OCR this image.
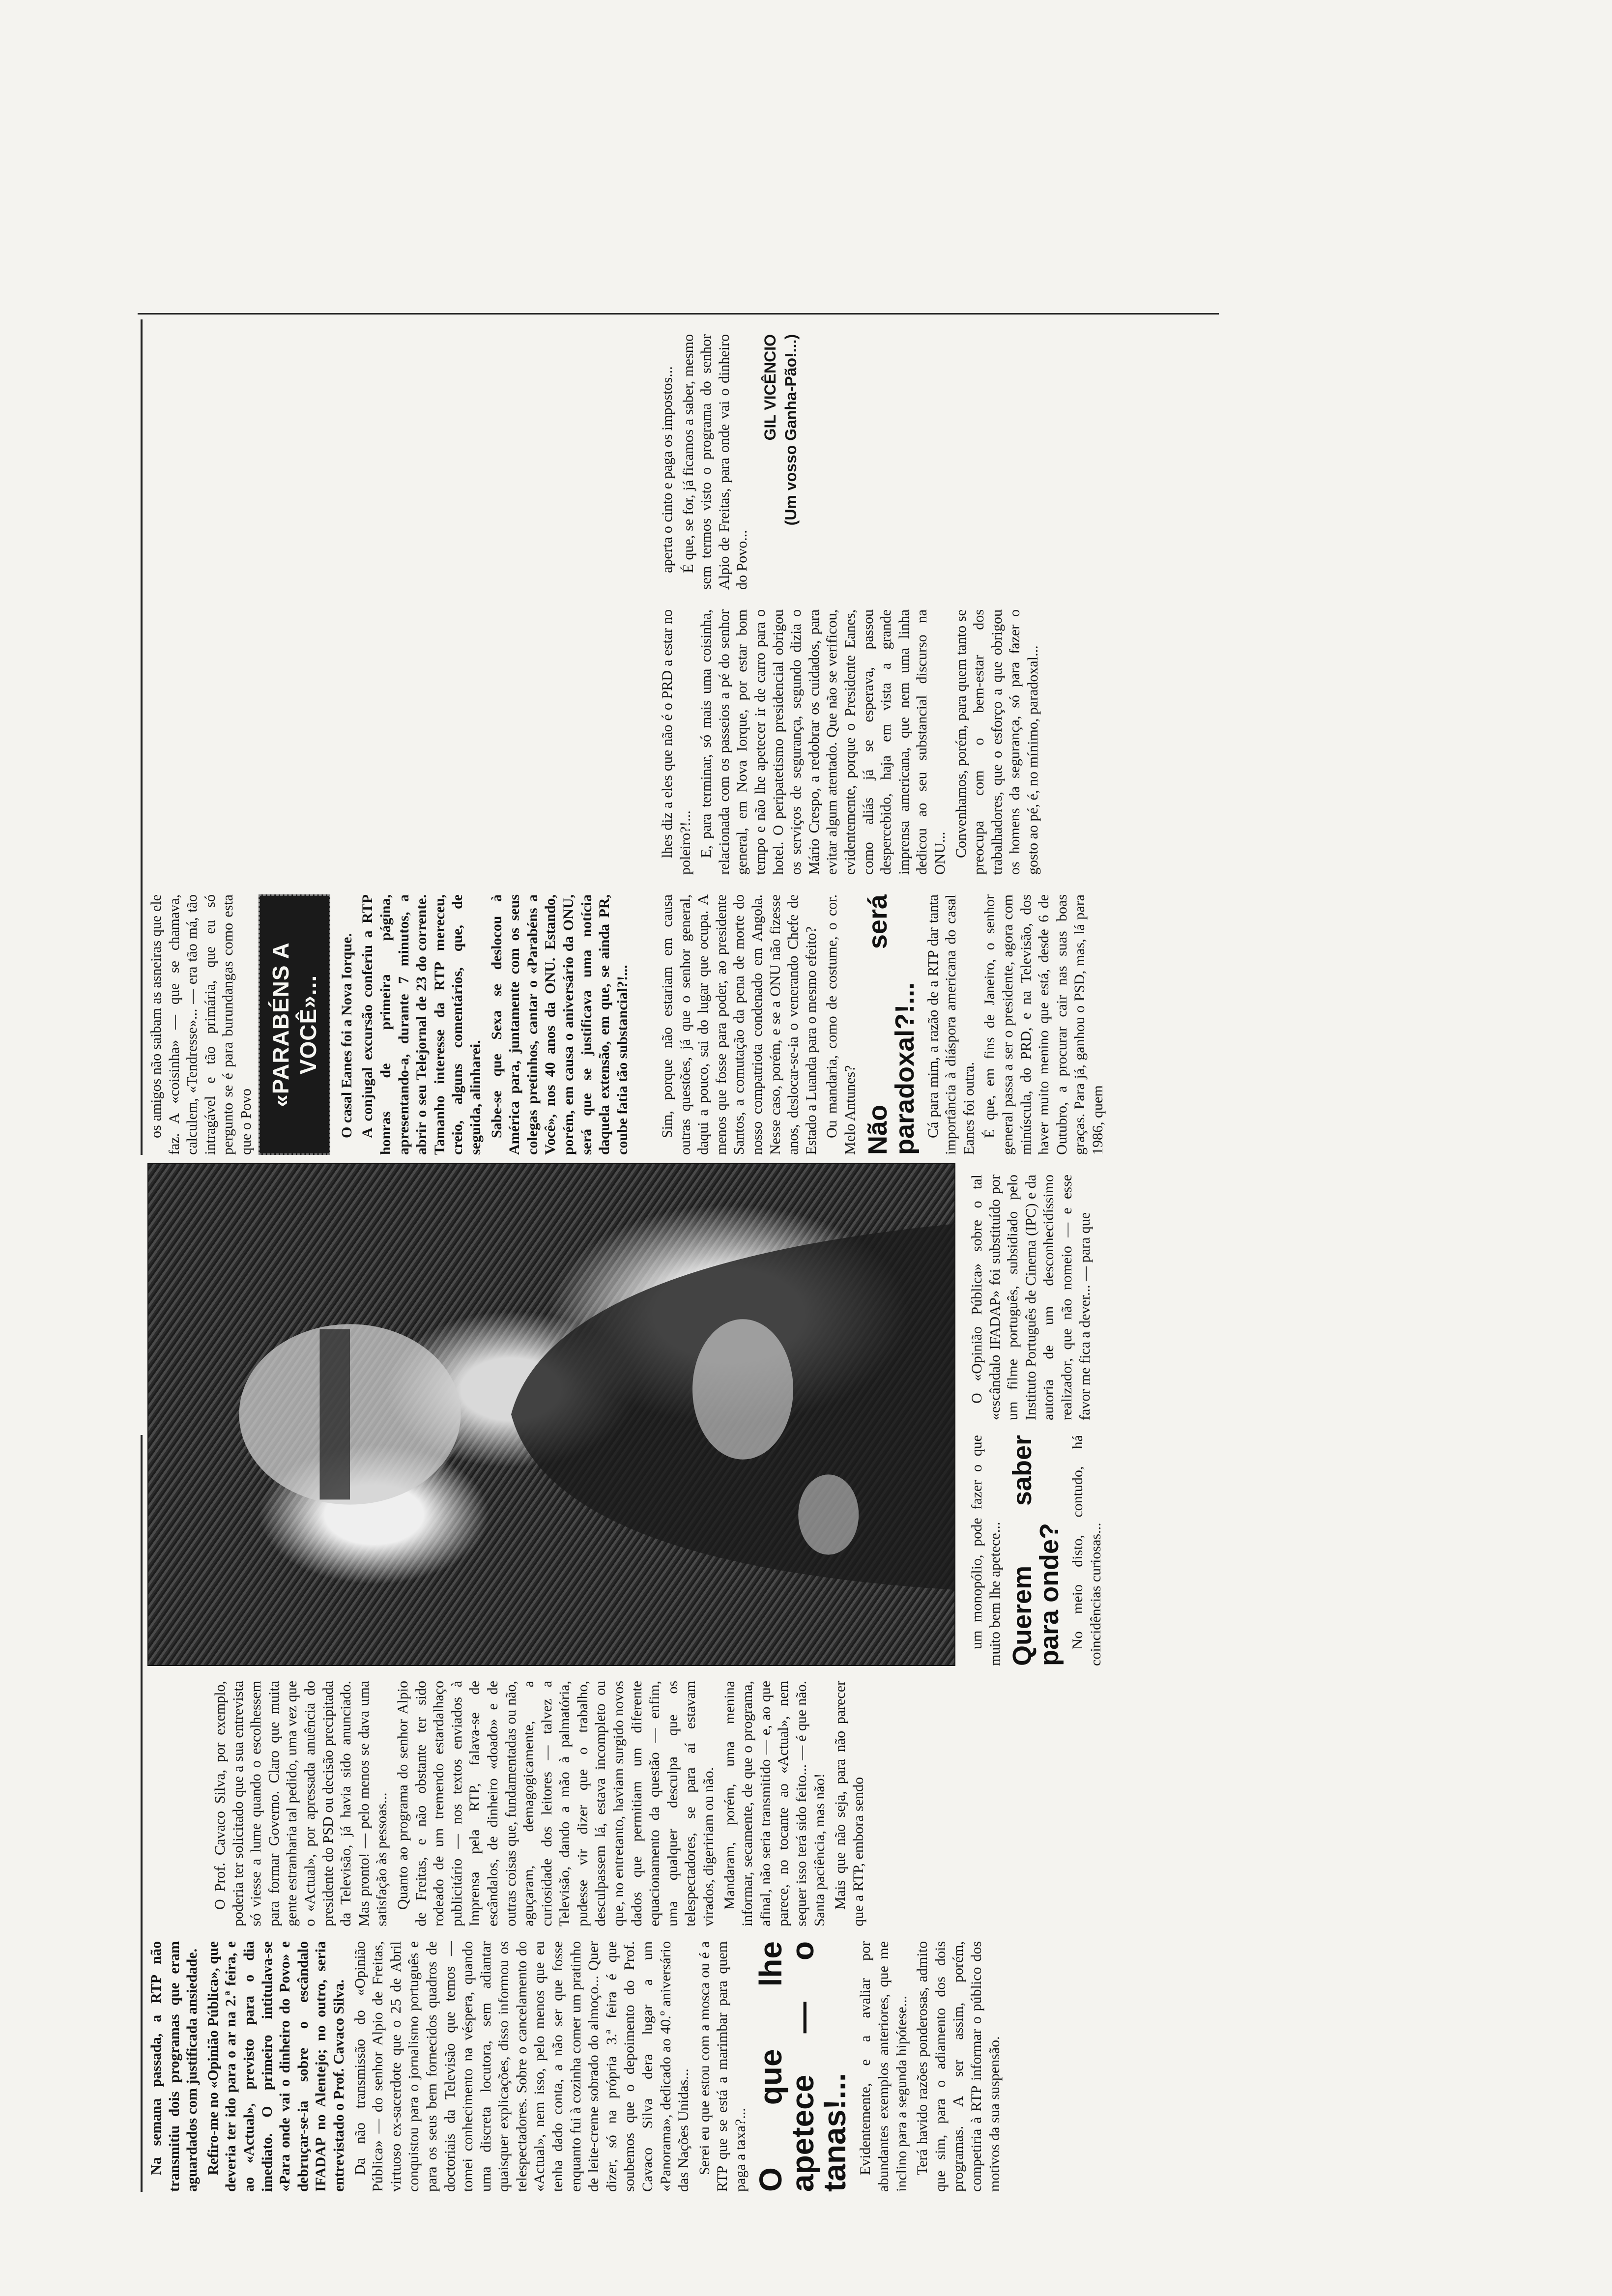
Na semana passada, a RTP não transmitiu dois programas que eram aguardados com justificada ansiedade. Refiro-me no «Opinião Pública», que deveria ter ido para o ar na 2.ª feira, e ao «Actual», previsto para o dia imediato. O primeiro intitulava-se «Para onde vai o dinheiro do Povo» e debruçar-se-ia sobre o escândalo IFADAP no Alentejo; no outro, seria entrevistado o Prof. Cavaco Silva. Da não transmissão do «Opinião Pública» — do senhor Alpio de Freitas, virtuoso ex-sacerdote que o 25 de Abril conquistou para o jornalismo português e para os seus bem fornecidos quadros de doctoriais da Televisão que temos — tomei conhecimento na véspera, quando uma discreta locutora, sem adiantar quaisquer explicações, disso informou os telespectadores. Sobre o cancelamento do «Actual», nem isso, pelo menos que eu tenha dado conta, a não ser que fosse enquanto fui à cozinha comer um pratinho de leite-creme sobrado do almoço... Quer dizer, só na própria 3.ª feira é que soubemos que o depoimento do Prof. Cavaco Silva dera lugar a um «Panorama», dedicado ao 40.º aniversário das Nações Unidas... Serei eu que estou com a mosca ou é a RTP que se está a marimbar para quem paga a taxa?... O que lhe apetece — o tanas!... Evidentemente, e a avaliar por abundantes exemplos anteriores, que me inclino para a segunda hipótese... Terá havido razões ponderosas, admito que sim, para o adiamento dos dois programas. A ser assim, porém, competiria à RTP informar o público dos motivos da sua suspensão.

O Prof. Cavaco Silva, por exemplo, poderia ter solicitado que a sua entrevista só viesse a lume quando o escolhessem para formar Governo. Claro que muita gente estranharia tal pedido, uma vez que o «Actual», por apressada anuência do presidente do PSD ou decisão precipitada da Televisão, já havia sido anunciado. Mas pronto! — pelo menos se dava uma satisfação às pessoas... Quanto ao programa do senhor Alpio de Freitas, e não obstante ter sido rodeado de um tremendo estardalhaço publicitário — nos textos enviados à Imprensa pela RTP, falava-se de escândalos, de dinheiro «doado» e de outras coisas que, fundamentadas ou não, aguçaram, demagogicamente, a curiosidade dos leitores — talvez a Televisão, dando a mão à palmatória, pudesse vir dizer que o trabalho, desculpassem lá, estava incompleto ou que, no entretanto, haviam surgido novos dados que permitiam um diferente equacionamento da questão — enfim, uma qualquer desculpa que os telespectadores, se para aí estavam virados, digeririam ou não. Mandaram, porém, uma menina informar, secamente, de que o programa, afinal, não seria transmitido — e, ao que parece, no tocante ao «Actual», nem sequer isso terá sido feito... — é que não. Santa paciência, mas não! Mais que não seja, para não parecer que a RTP, embora sendo

um monopólio, pode fazer o que muito bem lhe apetece... Querem saber para onde? No meio disto, contudo, há coincidências curiosas...

O «Opinião Pública» sobre o tal «escândalo IFADAP» foi substituído por um filme português, subsidiado pelo Instituto Português de Cinema (IPC) e da autoria de um desconhecidíssimo realizador, que não nomeio — e esse favor me fica a dever... — para que

os amigos não saibam as asneiras que ele faz. A «coisinha» — que se chamava, calculem, «Tendresse»... — era tão má, tão intragável e tão primária, que eu só pergunto se é para burundangas como esta que o Povo

«PARABÉNS A VOCÊ»...	O casal Eanes foi a Nova Iorque. A conjugal excursão conferiu a RTP honras de primeira página, apresentando-a, durante 7 minutos, a abrir o seu Telejornal de 23 do corrente. Tamanho interesse da RTP mereceu, creio, alguns comentários, que, de seguida, alinharei. Sabe-se que Sexa se deslocou à América para, juntamente com os seus colegas pretinhos, cantar o «Parabéns a Você», nos 40 anos da ONU. Estando, porém, em causa o aniversário da ONU, será que se justificava uma notícia daquela extensão, em que, se ainda PR, coube fatia tão substancial?!... Sim, porque não estariam em causa outras questões, já que o senhor general, daqui a pouco, sai do lugar que ocupa. A menos que fosse para poder, ao presidente Santos, a comutação da pena de morte do nosso compatriota condenado em Angola. Nesse caso, porém, e se a ONU não fizesse anos, deslocar-se-ia o venerando Chefe de Estado a Luanda para o mesmo efeito? Ou mandaria, como de costume, o cor. Melo Antunes? Não será paradoxal?!... Cá para mim, a razão de a RTP dar tanta importância à diáspora americana do casal Eanes foi outra. É que, em fins de Janeiro, o senhor general passa a ser o presidente, agora com minúscula, do PRD, e na Televisão, dos haver muito menino que está, desde 6 de Outubro, a procurar cair nas suas boas graças. Para já, ganhou o PSD, mas, lá para 1986, quem

lhes diz a eles que não é o PRD a estar no poleiro?!... E, para terminar, só mais uma coisinha, relacionada com os passeios a pé do senhor general, em Nova Iorque, por estar bom tempo e não lhe apetecer ir de carro para o hotel. O peripatetismo presidencial obrigou os serviços de segurança, segundo dizia o Mário Crespo, a redobrar os cuidados, para evitar algum atentado. Que não se verificou, evidentemente, porque o Presidente Eanes, como aliás já se esperava, passou despercebido, haja em vista a grande imprensa americana, que nem uma linha dedicou ao seu substancial discurso na ONU... Convenhamos, porém, para quem tanto se preocupa com o bem-estar dos trabalhadores, que o esforço a que obrigou os homens da segurança, só para fazer o gosto ao pé, é, no mínimo, paradoxal...

aperta o cinto e paga os impostos... É que, se for, já ficamos a saber, mesmo sem termos visto o programa do senhor Alpio de Freitas, para onde vai o dinheiro do Povo...

GIL VICÊNCIO (Um vosso Ganha-Pão!...)
